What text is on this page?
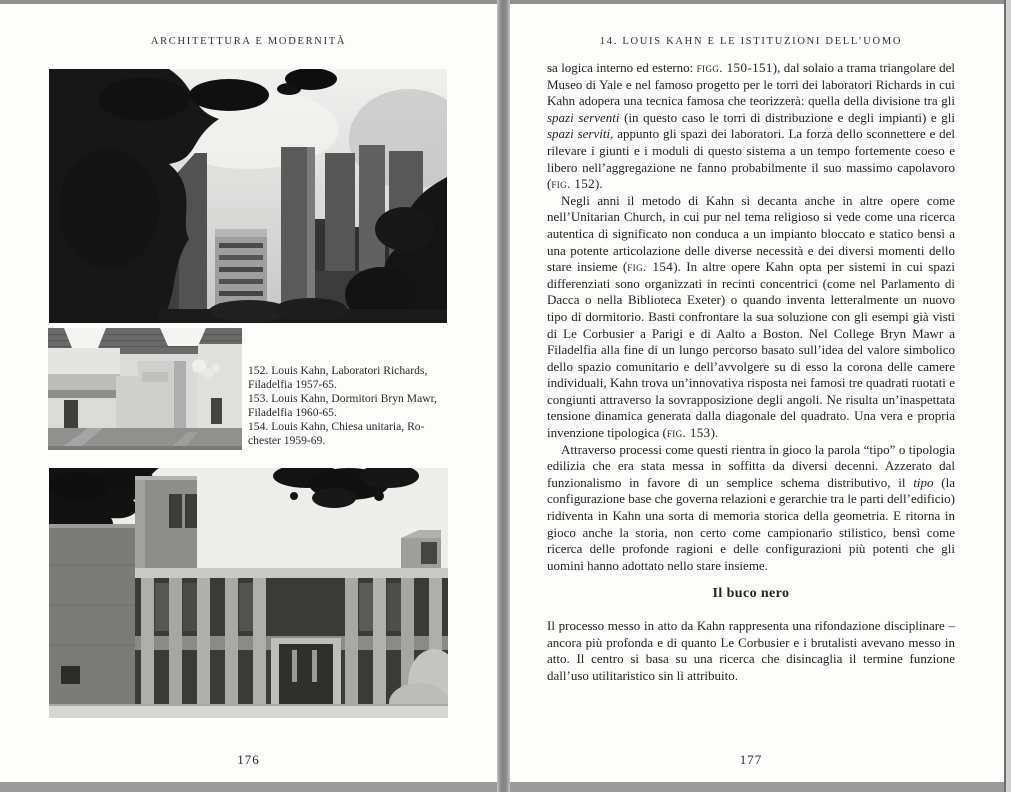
ARCHITETTURA E MODERNITÀ
152. Louis Kahn, Laboratori Richards,
Filadelfia 1957-65.
153. Louis Kahn, Dormitori Bryn Mawr,
Filadelfia 1960-65.
154. Louis Kahn, Chiesa unitaria, Ro-
chester 1959-69.
176
14. LOUIS KAHN E LE ISTITUZIONI DELL’UOMO

sa logica interno ed esterno: figg. 150-151), dal solaio a trama triangolare del Museo di Yale e nel famoso progetto per le torri dei laboratori Richards in cui Kahn adopera una tecnica famosa che teorizzerà: quella della divisione tra gli spazi serventi (in questo caso le torri di distribuzione e degli impianti) e gli spazi serviti, appunto gli spazi dei laboratori. La forza dello sconnettere e del rilevare i giunti e i moduli di questo sistema a un tempo fortemente coeso e libero nell’aggregazione ne fanno probabilmente il suo massimo capolavoro (fig. 152).

Negli anni il metodo di Kahn si decanta anche in altre opere come nell’Unitarian Church, in cui pur nel tema religioso si vede come una ricerca autentica di significato non conduca a un impianto bloccato e statico bensì a una potente articolazione delle diverse necessità e dei diversi momenti dello stare insieme (fig. 154). In altre opere Kahn opta per sistemi in cui spazi differenziati sono organizzati in recinti concentrici (come nel Parlamento di Dacca o nella Biblioteca Exeter) o quando inventa letteralmente un nuovo tipo di dormitorio. Basti confrontare la sua soluzione con gli esempi già visti di Le Corbusier a Parigi e di Aalto a Boston. Nel College Bryn Mawr a Filadelfia alla fine di un lungo percorso basato sull’idea del valore simbolico dello spazio comunitario e dell’avvolgere su di esso la corona delle camere individuali, Kahn trova un’innovativa risposta nei famosi tre quadrati ruotati e congiunti attraverso la sovrapposizione degli angoli. Ne risulta un’inaspettata tensione dinamica generata dalla diagonale del quadrato. Una vera e propria invenzione tipologica (fig. 153).

Attraverso processi come questi rientra in gioco la parola “tipo” o tipologia edilizia che era stata messa in soffitta da diversi decenni. Azzerato dal funzionalismo in favore di un semplice schema distributivo, il tipo (la configurazione base che governa relazioni e gerarchie tra le parti dell’edificio) ridiventa in Kahn una sorta di memoria storica della geometria. E ritorna in gioco anche la storia, non certo come campionario stilistico, bensì come ricerca delle profonde ragioni e delle configurazioni più potenti che gli uomini hanno adottato nello stare insieme.

Il buco nero

Il processo messo in atto da Kahn rappresenta una rifondazione disciplinare – ancora più profonda e di quanto Le Corbusier e i brutalisti avevano messo in atto. Il centro si basa su una ricerca che disincaglia il termine funzione dall’uso utilitaristico sin lì attribuito.

177
